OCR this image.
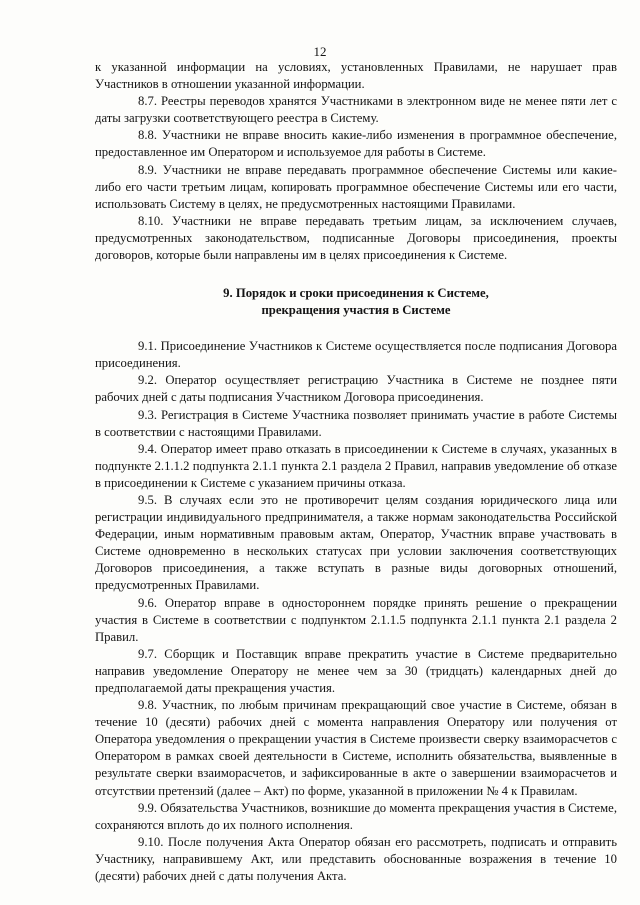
12

к указанной информации на условиях, установленных Правилами, не нарушает прав Участников в отношении указанной информации.

8.7. Реестры переводов хранятся Участниками в электронном виде не менее пяти лет с даты загрузки соответствующего реестра в Систему.

8.8. Участники не вправе вносить какие-либо изменения в программное обеспечение, предоставленное им Оператором и используемое для работы в Системе.

8.9. Участники не вправе передавать программное обеспечение Системы или какие-либо его части третьим лицам, копировать программное обеспечение Системы или его части, использовать Систему в целях, не предусмотренных настоящими Правилами.

8.10. Участники не вправе передавать третьим лицам, за исключением случаев, предусмотренных законодательством, подписанные Договоры присоединения, проекты договоров, которые были направлены им в целях присоединения к Системе.

9. Порядок и сроки присоединения к Системе,
прекращения участия в Системе

9.1. Присоединение Участников к Системе осуществляется после подписания Договора присоединения.

9.2. Оператор осуществляет регистрацию Участника в Системе не позднее пяти рабочих дней с даты подписания Участником Договора присоединения.

9.3. Регистрация в Системе Участника позволяет принимать участие в работе Системы в соответствии с настоящими Правилами.

9.4. Оператор имеет право отказать в присоединении к Системе в случаях, указанных в подпункте 2.1.1.2 подпункта 2.1.1 пункта 2.1 раздела 2 Правил, направив уведомление об отказе в присоединении к Системе с указанием причины отказа.

9.5. В случаях если это не противоречит целям создания юридического лица или регистрации индивидуального предпринимателя, а также нормам законодательства Российской Федерации, иным нормативным правовым актам, Оператор, Участник вправе участвовать в Системе одновременно в нескольких статусах при условии заключения соответствующих Договоров присоединения, а также вступать в разные виды договорных отношений, предусмотренных Правилами.

9.6. Оператор вправе в одностороннем порядке принять решение о прекращении участия в Системе в соответствии с подпунктом 2.1.1.5 подпункта 2.1.1 пункта 2.1 раздела 2 Правил.

9.7. Сборщик и Поставщик вправе прекратить участие в Системе предварительно направив уведомление Оператору не менее чем за 30 (тридцать) календарных дней до предполагаемой даты прекращения участия.

9.8. Участник, по любым причинам прекращающий свое участие в Системе, обязан в течение 10 (десяти) рабочих дней с момента направления Оператору или получения от Оператора уведомления о прекращении участия в Системе произвести сверку взаиморасчетов с Оператором в рамках своей деятельности в Системе, исполнить обязательства, выявленные в результате сверки взаиморасчетов, и зафиксированные в акте о завершении взаиморасчетов и отсутствии претензий (далее – Акт) по форме, указанной в приложении № 4 к Правилам.

9.9. Обязательства Участников, возникшие до момента прекращения участия в Системе, сохраняются вплоть до их полного исполнения.

9.10. После получения Акта Оператор обязан его рассмотреть, подписать и отправить Участнику, направившему Акт, или представить обоснованные возражения в течение 10 (десяти) рабочих дней с даты получения Акта.
